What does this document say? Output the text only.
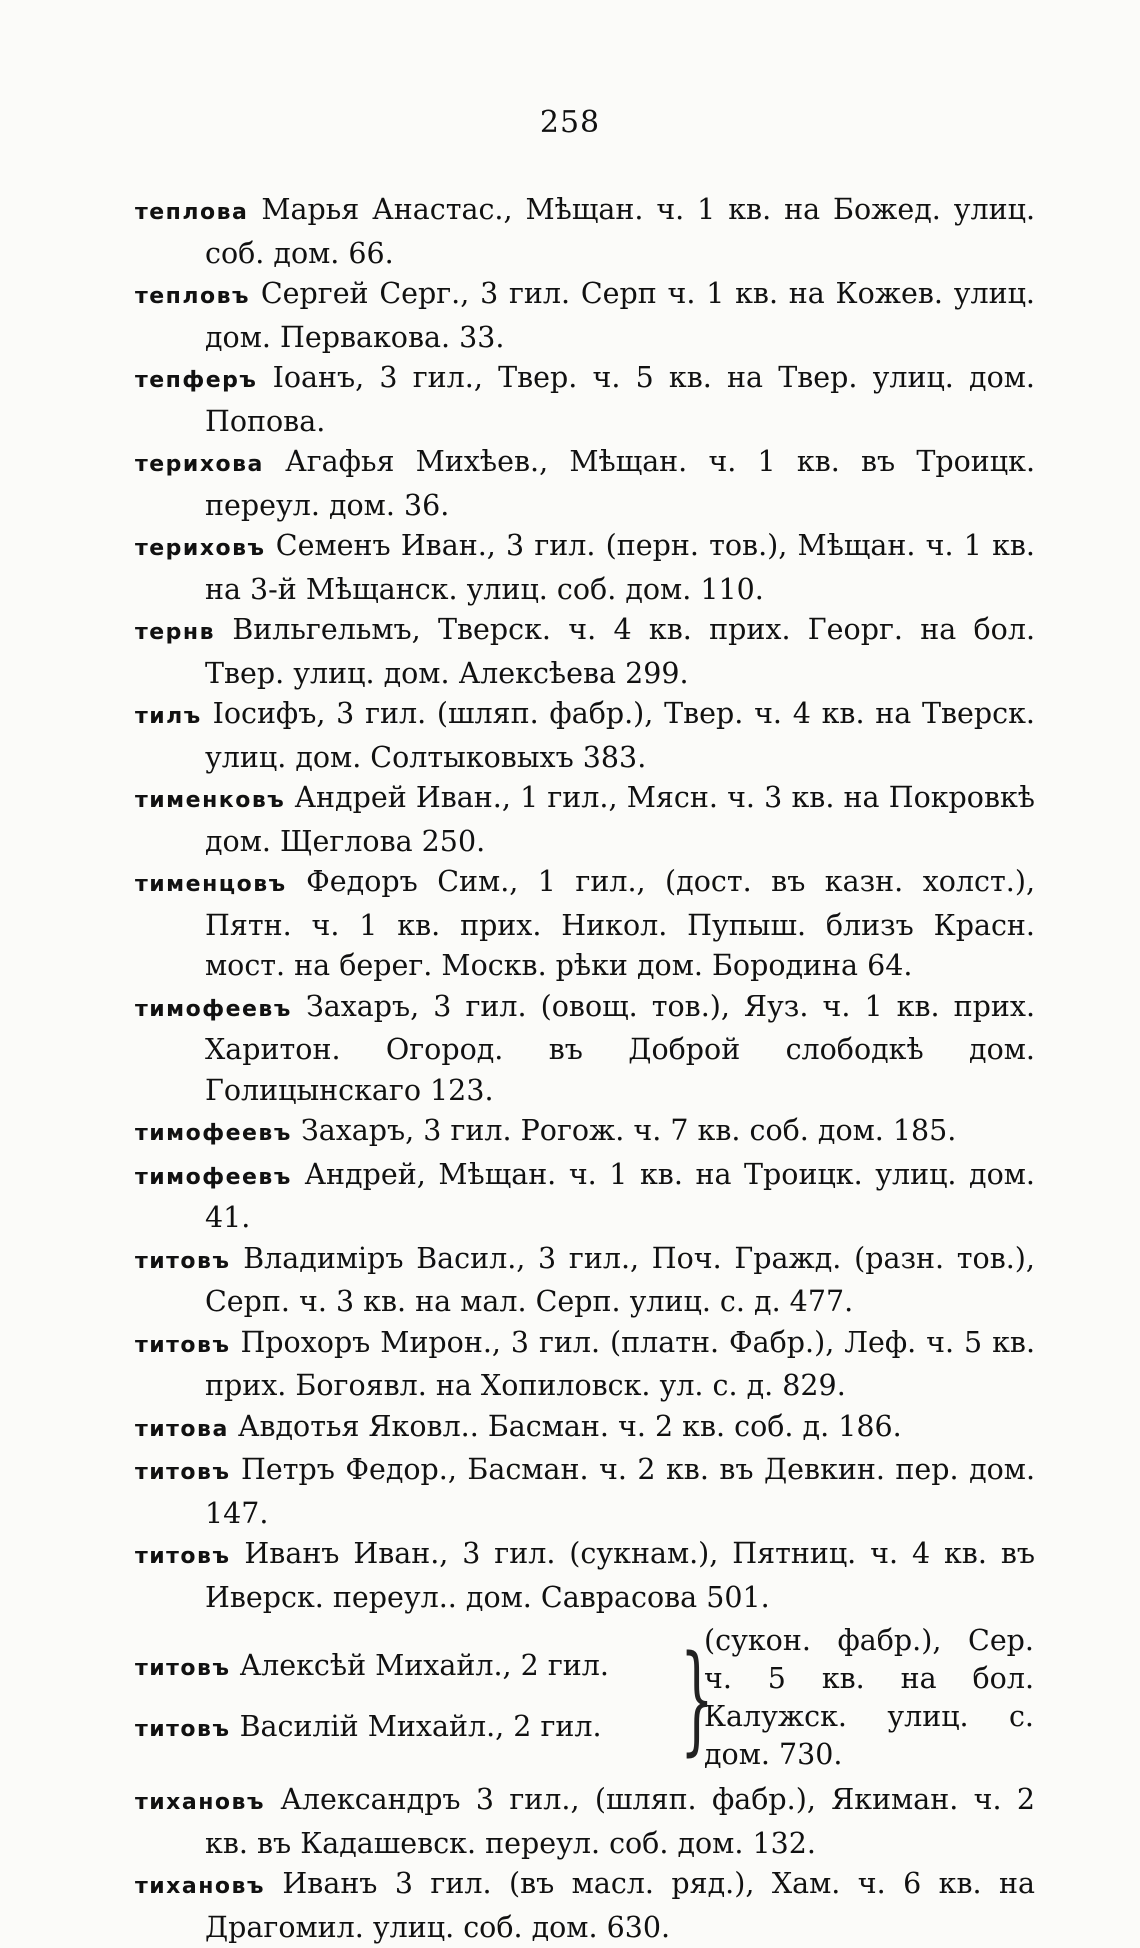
258
теплова Марья Анастас., Мѣщан. ч. 1 кв. на Божед. улиц. соб. дом. 66.
тепловъ Сергей Серг., 3 гил. Серп ч. 1 кв. на Кожев. улиц. дом. Первакова. 33.
тепферъ Іоанъ, 3 гил., Твер. ч. 5 кв. на Твер. улиц. дом. Попова.
терихова Агафья Михѣев., Мѣщан. ч. 1 кв. въ Троицк. переул. дом. 36.
териховъ Семенъ Иван., 3 гил. (перн. тов.), Мѣщан. ч. 1 кв. на 3-й Мѣщанск. улиц. соб. дом. 110.
тернв Вильгельмъ, Тверск. ч. 4 кв. прих. Георг. на бол. Твер. улиц. дом. Алексѣева 299.
тилъ Іосифъ, 3 гил. (шляп. фабр.), Твер. ч. 4 кв. на Тверск. улиц. дом. Солтыковыхъ 383.
тименковъ Андрей Иван., 1 гил., Мясн. ч. 3 кв. на Покровкѣ дом. Щеглова 250.
тименцовъ Федоръ Сим., 1 гил., (дост. въ казн. холст.), Пятн. ч. 1 кв. прих. Никол. Пупыш. близъ Красн. мост. на берег. Москв. рѣки дом. Бородина 64.
тимофеевъ Захаръ, 3 гил. (овощ. тов.), Яуз. ч. 1 кв. прих. Харитон. Огород. въ Доброй слободкѣ дом. Голицынскаго 123.
тимофеевъ Захаръ, 3 гил. Рогож. ч. 7 кв. соб. дом. 185.
тимофеевъ Андрей, Мѣщан. ч. 1 кв. на Троицк. улиц. дом. 41.
титовъ Владиміръ Васил., 3 гил., Поч. Гражд. (разн. тов.), Серп. ч. 3 кв. на мал. Серп. улиц. с. д. 477.
титовъ Прохоръ Мирон., 3 гил. (платн. Фабр.), Леф. ч. 5 кв. прих. Богоявл. на Хопиловск. ул. с. д. 829.
титова Авдотья Яковл.. Басман. ч. 2 кв. соб. д. 186.
титовъ Петръ Федор., Басман. ч. 2 кв. въ Девкин. пер. дом. 147.
титовъ Иванъ Иван., 3 гил. (сукнам.), Пятниц. ч. 4 кв. въ Иверск. переул.. дом. Саврасова 501.
титовъ Алексѣй Михайл., 2 гил.
титовъ Василій Михайл., 2 гил. }
(сукон. фабр.), Сер. ч. 5 кв. на бол. Калужск. улиц. с. дом. 730.
тихановъ Александръ 3 гил., (шляп. фабр.), Якиман. ч. 2 кв. въ Кадашевск. переул. соб. дом. 132.
тихановъ Иванъ 3 гил. (въ масл. ряд.), Хам. ч. 6 кв. на Драгомил. улиц. соб. дом. 630.
